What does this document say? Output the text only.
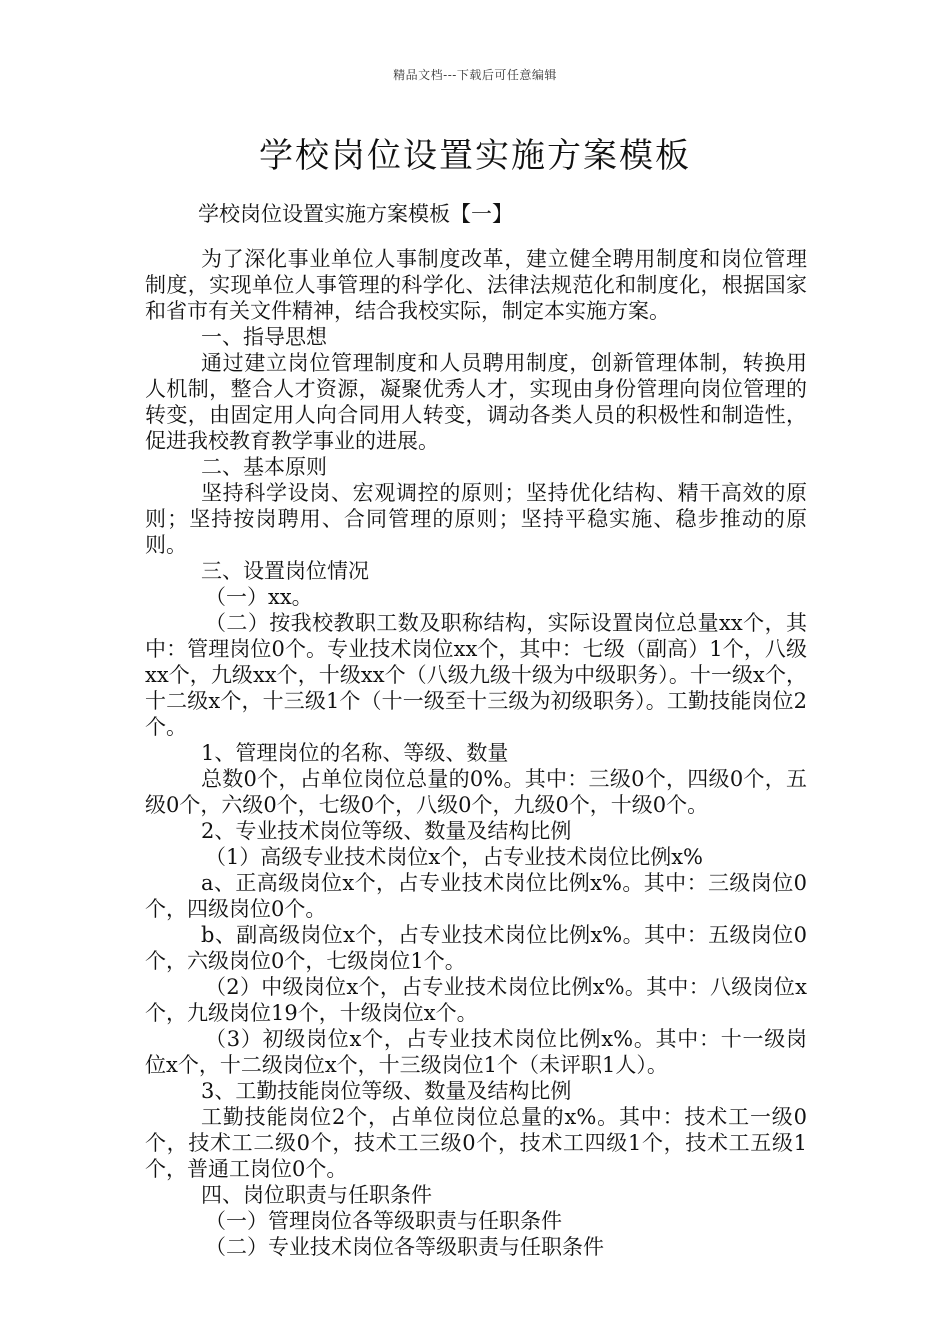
精品文档---下载后可任意编辑
学校岗位设置实施方案模板

学校岗位设置实施方案模板【一】

为了深化事业单位人事制度改革，建立健全聘用制度和岗位管理制度，实现单位人事管理的科学化、法律法规范化和制度化，根据国家和省市有关文件精神，结合我校实际，制定本实施方案。

一、指导思想

通过建立岗位管理制度和人员聘用制度，创新管理体制，转换用人机制，整合人才资源，凝聚优秀人才，实现由身份管理向岗位管理的转变，由固定用人向合同用人转变，调动各类人员的积极性和制造性，促进我校教育教学事业的进展。

二、基本原则

坚持科学设岗、宏观调控的原则；坚持优化结构、精干高效的原则；坚持按岗聘用、合同管理的原则；坚持平稳实施、稳步推动的原则。

三、设置岗位情况

（一）xx。

（二）按我校教职工数及职称结构，实际设置岗位总量xx个，其中：管理岗位0个。专业技术岗位xx个，其中：七级（副高）1个，八级xx个，九级xx个，十级xx个（八级九级十级为中级职务）。十一级x个，十二级x个，十三级1个（十一级至十三级为初级职务）。工勤技能岗位2个。

1、管理岗位的名称、等级、数量

总数0个，占单位岗位总量的0%。其中：三级0个，四级0个，五级0个，六级0个，七级0个，八级0个，九级0个，十级0个。

2、专业技术岗位等级、数量及结构比例

（1）高级专业技术岗位x个，占专业技术岗位比例x%

a、正高级岗位x个，占专业技术岗位比例x%。其中：三级岗位0个，四级岗位0个。

b、副高级岗位x个，占专业技术岗位比例x%。其中：五级岗位0个，六级岗位0个，七级岗位1个。

（2）中级岗位x个，占专业技术岗位比例x%。其中：八级岗位x个，九级岗位19个，十级岗位x个。

（3）初级岗位x个，占专业技术岗位比例x%。其中：十一级岗位x个，十二级岗位x个，十三级岗位1个（未评职1人）。

3、工勤技能岗位等级、数量及结构比例

工勤技能岗位2个，占单位岗位总量的x%。其中：技术工一级0个，技术工二级0个，技术工三级0个，技术工四级1个，技术工五级1个，普通工岗位0个。

四、岗位职责与任职条件

（一）管理岗位各等级职责与任职条件

（二）专业技术岗位各等级职责与任职条件
